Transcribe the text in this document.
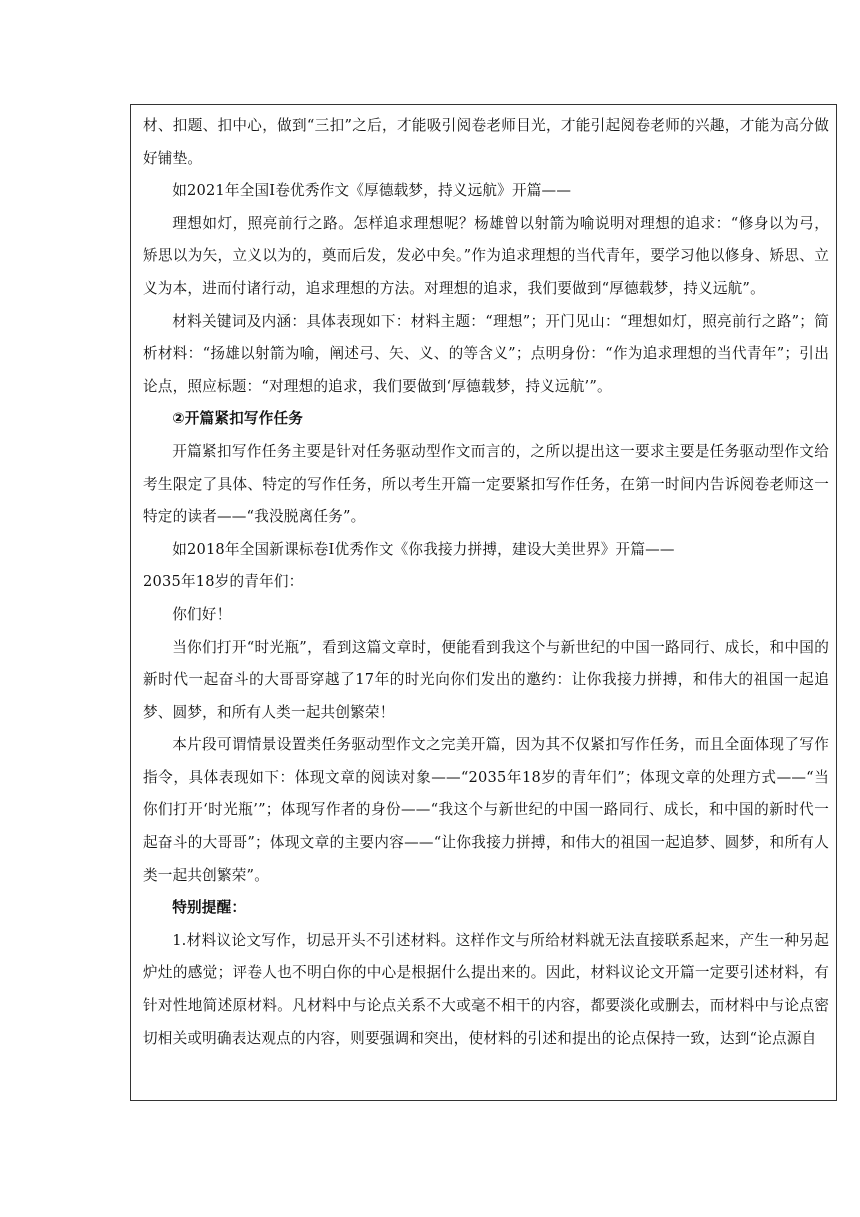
材、扣题、扣中心，做到“三扣”之后，才能吸引阅卷老师目光，才能引起阅卷老师的兴趣，才能为高分做好铺垫。

如2021年全国Ⅰ卷优秀作文《厚德载梦，持义远航》开篇——

理想如灯，照亮前行之路。怎样追求理想呢？杨雄曾以射箭为喻说明对理想的追求：“修身以为弓，矫思以为矢，立义以为的，奠而后发，发必中矣。”作为追求理想的当代青年，要学习他以修身、矫思、立义为本，进而付诸行动，追求理想的方法。对理想的追求，我们要做到“厚德载梦，持义远航”。

材料关键词及内涵：具体表现如下：材料主题：“理想”；开门见山：“理想如灯，照亮前行之路”；简析材料：“扬雄以射箭为喻，阐述弓、矢、义、的等含义”；点明身份：“作为追求理想的当代青年”；引出论点，照应标题：“对理想的追求，我们要做到‘厚德载梦，持义远航’”。

②开篇紧扣写作任务

开篇紧扣写作任务主要是针对任务驱动型作文而言的，之所以提出这一要求主要是任务驱动型作文给考生限定了具体、特定的写作任务，所以考生开篇一定要紧扣写作任务，在第一时间内告诉阅卷老师这一特定的读者——“我没脱离任务”。

如2018年全国新课标卷Ⅰ优秀作文《你我接力拼搏，建设大美世界》开篇——

2035年18岁的青年们：

你们好！

当你们打开“时光瓶”，看到这篇文章时，便能看到我这个与新世纪的中国一路同行、成长，和中国的新时代一起奋斗的大哥哥穿越了17年的时光向你们发出的邀约：让你我接力拼搏，和伟大的祖国一起追梦、圆梦，和所有人类一起共创繁荣！

本片段可谓情景设置类任务驱动型作文之完美开篇，因为其不仅紧扣写作任务，而且全面体现了写作指令，具体表现如下：体现文章的阅读对象——“2035年18岁的青年们”；体现文章的处理方式——“当你们打开‘时光瓶’”；体现写作者的身份——“我这个与新世纪的中国一路同行、成长，和中国的新时代一起奋斗的大哥哥”；体现文章的主要内容——“让你我接力拼搏，和伟大的祖国一起追梦、圆梦，和所有人类一起共创繁荣”。

特别提醒：

1.材料议论文写作，切忌开头不引述材料。这样作文与所给材料就无法直接联系起来，产生一种另起炉灶的感觉；评卷人也不明白你的中心是根据什么提出来的。因此，材料议论文开篇一定要引述材料，有针对性地简述原材料。凡材料中与论点关系不大或毫不相干的内容，都要淡化或删去，而材料中与论点密切相关或明确表达观点的内容，则要强调和突出，使材料的引述和提出的论点保持一致，达到“论点源自
